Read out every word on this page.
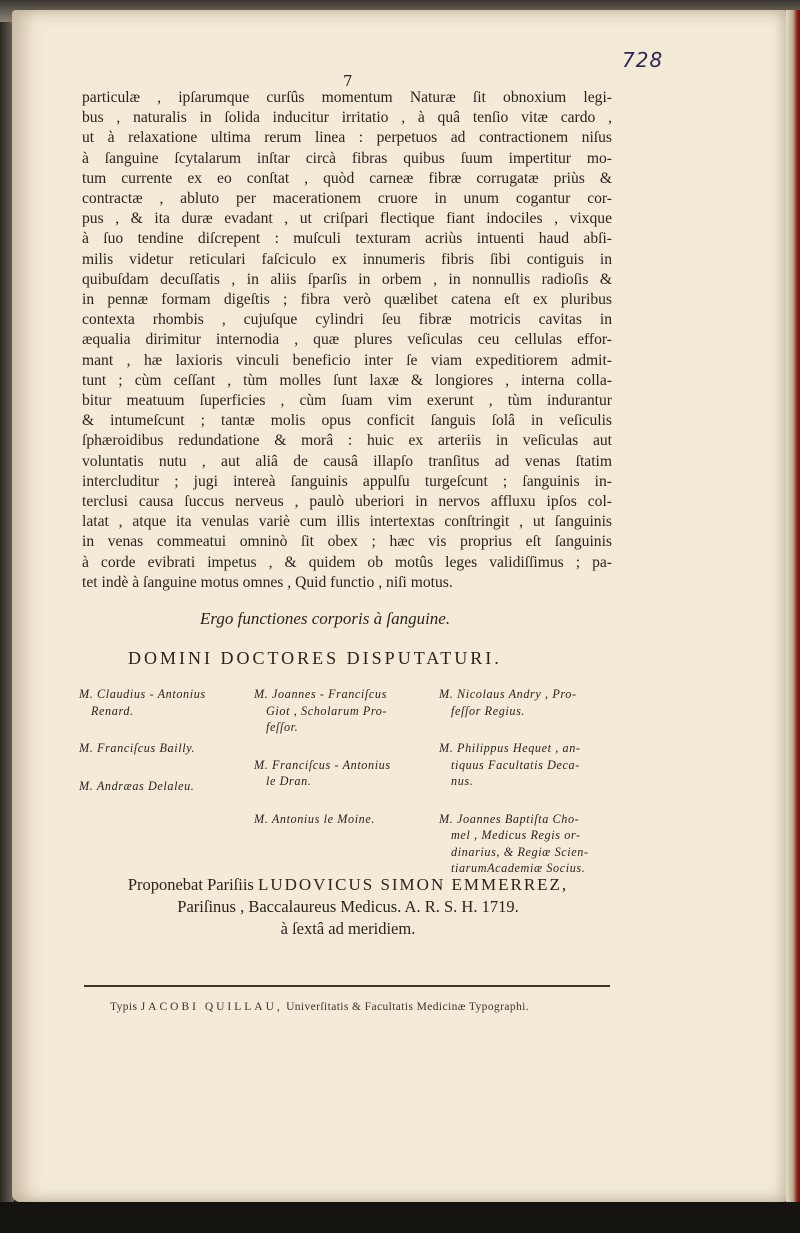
728
7
particulæ , ipſarumque curſûs momentum Naturæ ſit obnoxium legi-
bus , naturalis in ſolida inducitur irritatio , à quâ tenſio vitæ cardo ,
ut à relaxatione ultima rerum linea : perpetuos ad contractionem niſus
à ſanguine ſcytalarum inſtar circà fibras quibus ſuum impertitur mo-
tum currente ex eo conſtat , quòd carneæ fibræ corrugatæ priùs &
contractæ , abluto per macerationem cruore in unum cogantur cor-
pus , & ita duræ evadant , ut criſpari flectique fiant indociles , vixque
à ſuo tendine diſcrepent : muſculi texturam acriùs intuenti haud abſi-
milis videtur reticulari faſciculo ex innumeris fibris ſibi contiguis in
quibuſdam decuſſatis , in aliis ſparſis in orbem , in nonnullis radioſis &
in pennæ formam digeſtis ; fibra verò quælibet catena eſt ex pluribus
contexta rhombis , cujuſque cylindri ſeu fibræ motricis cavitas in
æqualia dirimitur internodia , quæ plures veſiculas ceu cellulas effor-
mant , hæ laxioris vinculi beneficio inter ſe viam expeditiorem admit-
tunt ; cùm ceſſant , tùm molles ſunt laxæ & longiores , interna colla-
bitur meatuum ſuperficies , cùm ſuam vim exerunt , tùm indurantur
& intumeſcunt ; tantæ molis opus conficit ſanguis ſolâ in veſiculis
ſphæroidibus redundatione & morâ : huic ex arteriis in veſiculas aut
voluntatis nutu , aut aliâ de causâ illapſo tranſitus ad venas ſtatim
intercluditur ; jugi intereà ſanguinis appulſu turgeſcunt ; ſanguinis in-
terclusi causa ſuccus nerveus , paulò uberiori in nervos affluxu ipſos col-
latat , atque ita venulas variè cum illis intertextas conſtringit , ut ſanguinis
in venas commeatui omninò ſit obex ; hæc vis proprius eſt ſanguinis
à corde evibrati impetus , & quidem ob motûs leges validiſſimus ; pa-
tet indè à ſanguine motus omnes , Quid functio , niſi motus.
Ergo functiones corporis à ſanguine.
DOMINI DOCTORES DISPUTATURI.
M. Claudius - Antonius
Renard.
M. Franciſcus Bailly.
M. Andræas Delaleu.
M. Joannes - Franciſcus
Giot , Scholarum Pro-
feſſor.
M. Franciſcus - Antonius
le Dran.
M. Antonius le Moine.
M. Nicolaus Andry , Pro-
feſſor Regius.
M. Philippus Hequet , an-
tiquus Facultatis Deca-
nus.
M. Joannes Baptiſta Cho-
mel , Medicus Regis or-
dinarius, & Regiæ Scien-
tiarumAcademiæ Socius.
Proponebat Pariſiis LUDOVICUS SIMON EMMERREZ,
Pariſinus , Baccalaureus Medicus. A. R. S. H. 1719.
à ſextâ ad meridiem.
Typis JACOBI QUILLAU, Univerſitatis & Facultatis Medicinæ Typographi.
